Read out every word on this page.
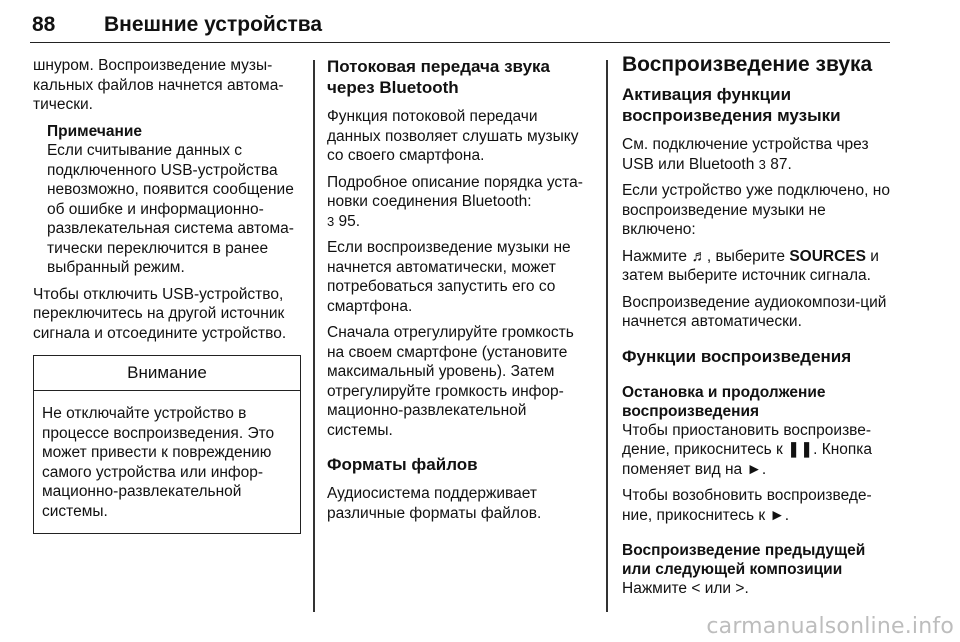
88 Внешние устройства

шнуром. Воспроизведение музы-кальных файлов начнется автома-тически.

Примечание
Если считывание данных с подключенного USB-устройства невозможно, появится сообщение об ошибке и информационно-развлекательная система автома-тически переключится в ранее выбранный режим.

Чтобы отключить USB-устройство, переключитесь на другой источник сигнала и отсоедините устройство.

Внимание
Не отключайте устройство в процессе воспроизведения. Это может привести к повреждению самого устройства или инфор-мационно-развлекательной системы.
Потоковая передача звука через Bluetooth

Функция потоковой передачи данных позволяет слушать музыку со своего смартфона.

Подробное описание порядка уста-новки соединения Bluetooth:
3 95.

Если воспроизведение музыки не начнется автоматически, может потребоваться запустить его со смартфона.

Сначала отрегулируйте громкость на своем смартфоне (установите максимальный уровень). Затем отрегулируйте громкость инфор-мационно-развлекательной системы.

Форматы файлов

Аудиосистема поддерживает различные форматы файлов.

Воспроизведение звука
Активация функции воспроизведения музыки

См. подключение устройства чрез USB или Bluetooth 3 87.

Если устройство уже подключено, но воспроизведение музыки не включено:

Нажмите ♬, выберите SOURCES и затем выберите источник сигнала.

Воспроизведение аудиокомпози-ций начнется автоматически.

Функции воспроизведения
Остановка и продолжение воспроизведения

Чтобы приостановить воспроизве-дение, прикоснитесь к ❚❚. Кнопка поменяет вид на ►.

Чтобы возобновить воспроизведе-ние, прикоснитесь к ►.

Воспроизведение предыдущей или следующей композиции

Нажмите < или >.

carmanualsonline.info
